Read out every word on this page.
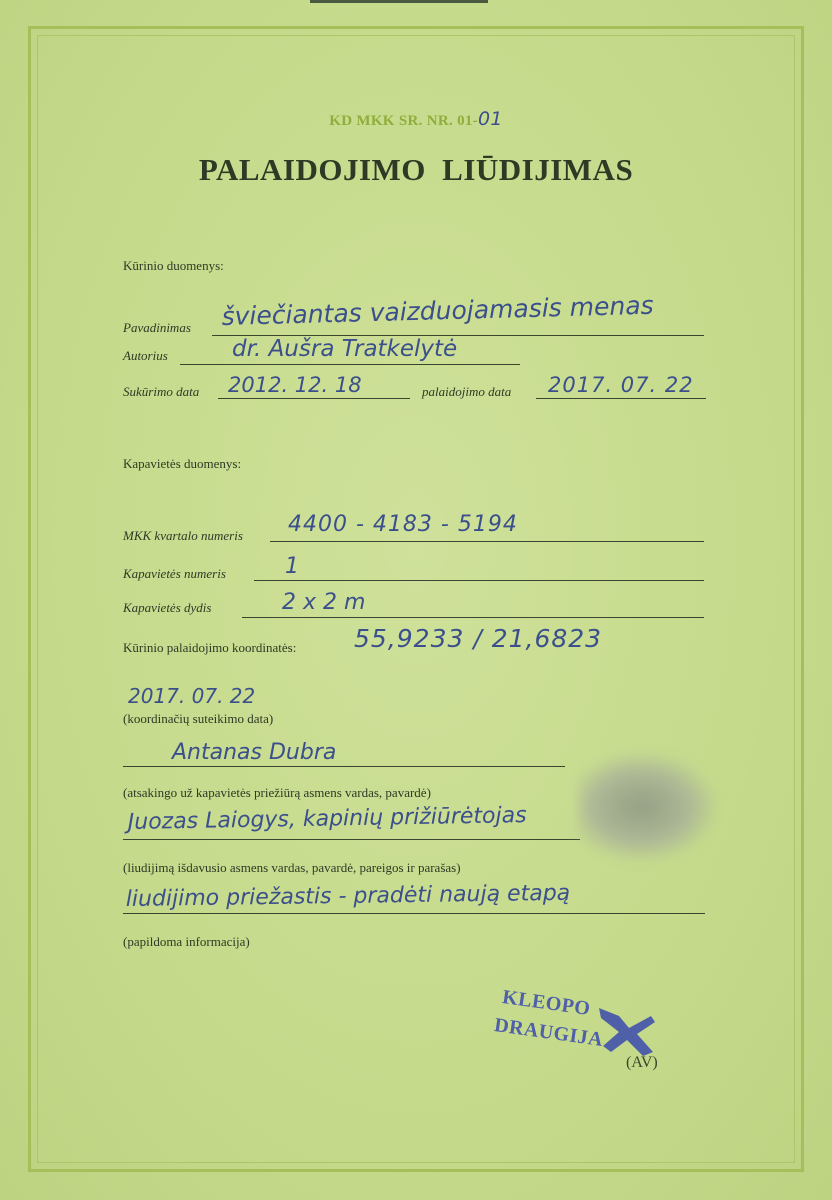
KD MKK SR. NR. 01-01
PALAIDOJIMO LIŪDIJIMAS
Kūrinio duomenys:
Pavadinimas šviečiantas vaizduojamasis menas
Autorius	dr. Aušra Tratkelytė
Sukūrimo data 2012. 12. 18	palaidojimo data 2017. 07. 22
Kapavietės duomenys:
MKK kvartalo numeris 4400 - 4183 - 5194
Kapavietės numeris	1
Kapavietės dydis	2 x 2 m
Kūrinio palaidojimo koordinatės: 55,9233 / 21,6823
2017. 07. 22
(koordinačių suteikimo data)
Antanas Dubra
(atsakingo už kapavietės priežiūrą asmens vardas, pavardė)
Juozas Laiogys, kapinių prižiūrėtojas
(liudijimą išdavusio asmens vardas, pavardė, pareigos ir parašas)
liudijimo priežastis - pradėti naują etapą
(papildoma informacija)
KLEOPO
DRAUGIJA
(AV)
